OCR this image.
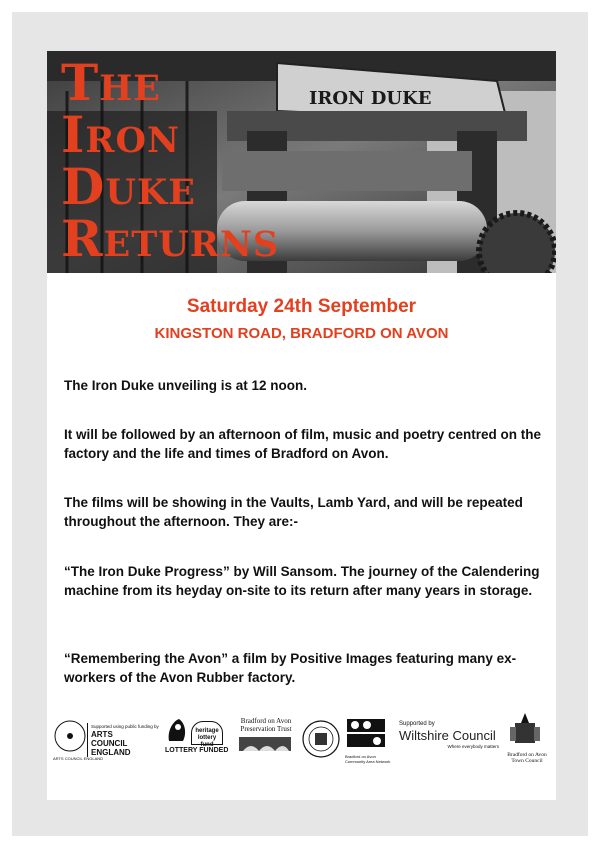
IRON DUKE
The
Iron
Duke
Returns
Saturday 24th September
KINGSTON ROAD, BRADFORD ON AVON

The Iron Duke unveiling is at 12 noon.

It will be followed by an afternoon of film, music and poetry centred on the factory and the life and times of Bradford on Avon.

The films will be showing in the Vaults, Lamb Yard, and will be repeated throughout the afternoon. They are:-

“The Iron Duke Progress” by Will Sansom. The journey of the Calendering machine from its heyday on-site to its return after many years in storage.

“Remembering the Avon” a film by Positive Images featuring many ex-workers of the Avon Rubber factory.

ARTS COUNCIL ENGLAND
Supported using public funding by
ARTS COUNCIL ENGLAND
heritage
lottery fund
LOTTERY FUNDED
Bradford on Avon Preservation Trust
Bradford on Avon Community Area Network
Supported by
Wiltshire Council
Where everybody matters
Bradford on Avon Town Council
